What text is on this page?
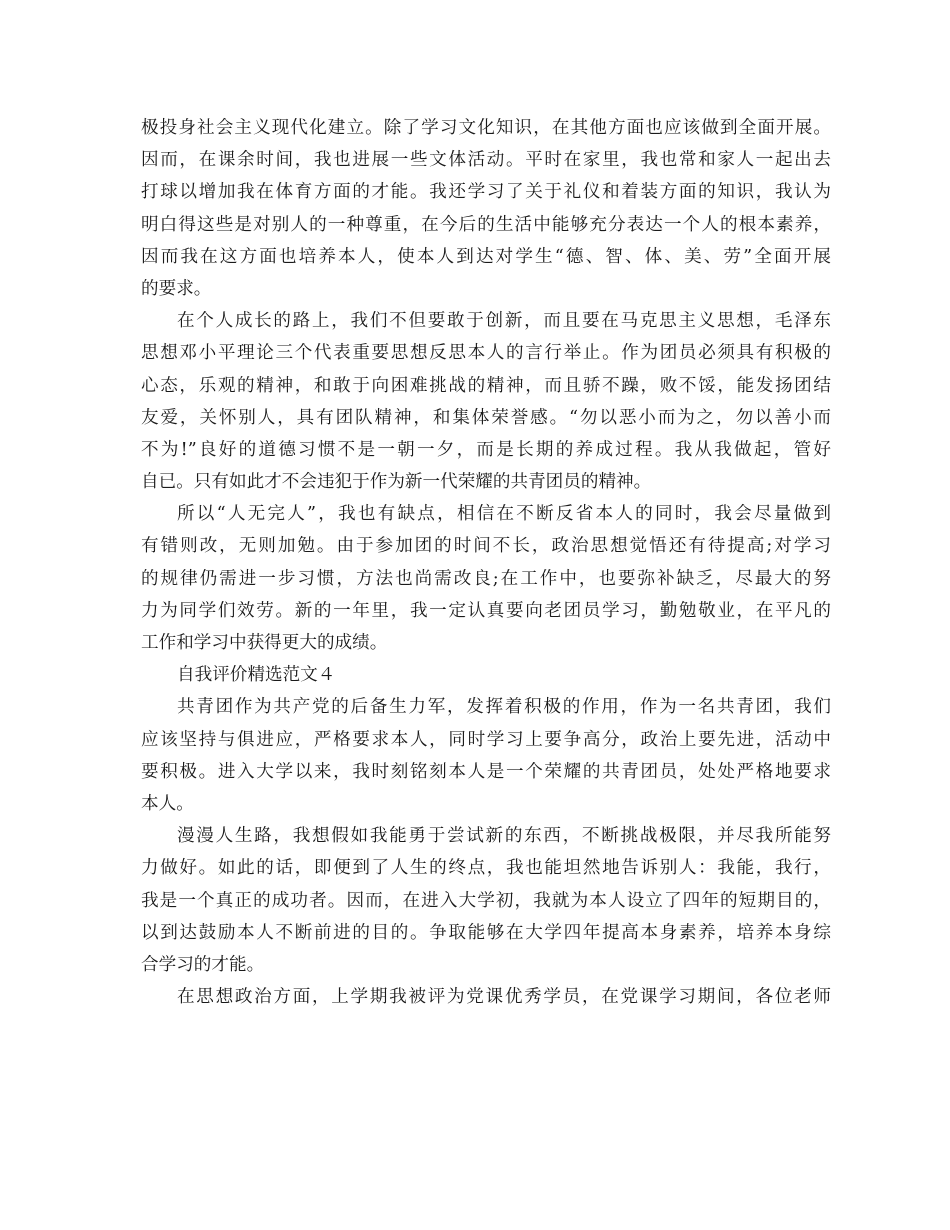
极投身社会主义现代化建立。除了学习文化知识，在其他方面也应该做到全面开展。
因而，在课余时间，我也进展一些文体活动。平时在家里，我也常和家人一起出去
打球以增加我在体育方面的才能。我还学习了关于礼仪和着装方面的知识，我认为
明白得这些是对别人的一种尊重，在今后的生活中能够充分表达一个人的根本素养，
因而我在这方面也培养本人，使本人到达对学生“德、智、体、美、劳”全面开展
的要求。
在个人成长的路上，我们不但要敢于创新，而且要在马克思主义思想，毛泽东
思想邓小平理论三个代表重要思想反思本人的言行举止。作为团员必须具有积极的
心态，乐观的精神，和敢于向困难挑战的精神，而且骄不躁，败不馁，能发扬团结
友爱，关怀别人，具有团队精神，和集体荣誉感。“勿以恶小而为之，勿以善小而
不为!”良好的道德习惯不是一朝一夕，而是长期的养成过程。我从我做起，管好
自已。只有如此才不会违犯于作为新一代荣耀的共青团员的精神。
所以“人无完人”，我也有缺点，相信在不断反省本人的同时，我会尽量做到
有错则改，无则加勉。由于参加团的时间不长，政治思想觉悟还有待提高;对学习
的规律仍需进一步习惯，方法也尚需改良;在工作中，也要弥补缺乏，尽最大的努
力为同学们效劳。新的一年里，我一定认真要向老团员学习，勤勉敬业，在平凡的
工作和学习中获得更大的成绩。
自我评价精选范文４
共青团作为共产党的后备生力军，发挥着积极的作用，作为一名共青团，我们
应该坚持与俱进应，严格要求本人，同时学习上要争高分，政治上要先进，活动中
要积极。进入大学以来，我时刻铭刻本人是一个荣耀的共青团员，处处严格地要求
本人。
漫漫人生路，我想假如我能勇于尝试新的东西，不断挑战极限，并尽我所能努
力做好。如此的话，即便到了人生的终点，我也能坦然地告诉别人：我能，我行，
我是一个真正的成功者。因而，在进入大学初，我就为本人设立了四年的短期目的，
以到达鼓励本人不断前进的目的。争取能够在大学四年提高本身素养，培养本身综
合学习的才能。
在思想政治方面，上学期我被评为党课优秀学员，在党课学习期间，各位老师
